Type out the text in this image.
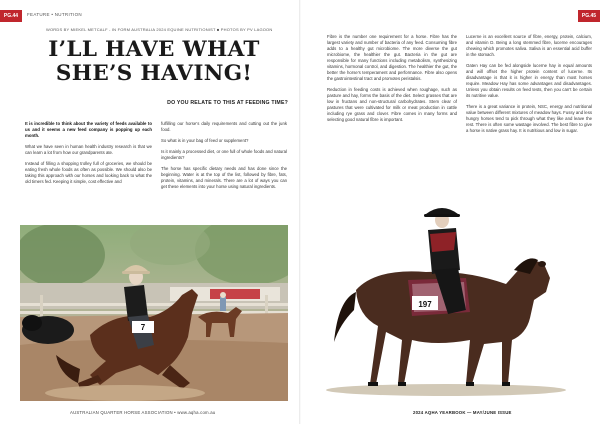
PG.44	FEATURE • NUTRITION	PG.45
WORDS BY MIEKEL METCALF - IN FORM AUSTRALIA 2024 EQUINE NUTRITIONIST ■ PHOTOS BY PV LAGOON
I’LL HAVE WHAT SHE’S HAVING!
DO YOU RELATE TO THIS AT FEEDING TIME?

It is incredible to think about the variety of feeds available to us and it seems a new feed company is popping up each month.

What we have seen in human health industry research is that we can learn a lot from how our grandparents ate.

Instead of filling a shopping trolley full of groceries, we should be eating fresh whole foods as often as possible. We should also be taking this approach with our horses and looking back to what the old timers fed. Keeping it simple, cost effective and

fulfilling our horse’s daily requirements and cutting out the junk food.

So what is in your bag of feed or supplement?

Is it mainly a processed diet, or one full of whole foods and natural ingredients?

The horse has specific dietary needs and has done since the beginning. Water is at the top of the list, followed by fibre, fats, protein, vitamins, and minerals. There are a lot of ways you can get these elements into your horse using natural ingredients.

Fibre is the number one requirement for a horse. Fibre has the largest variety and number of bacteria of any feed. Consuming fibre adds to a healthy gut microbiome. The more diverse the gut microbiome, the healthier the gut. Bacteria in the gut are responsible for many functions including metabolism, synthesizing vitamins, hormonal control, and digestion. The healthier the gut, the better the horse’s temperament and performance. Fibre also opens the gastrointestinal tract and promotes peristalsis.

Reduction in feeding costs is achieved when roughage, such as pasture and hay, forms the basis of the diet. Select grasses that are low in fructans and non-structural carbohydrates. Stem clear of pastures that were cultivated for milk or meat production in cattle including rye grass and clover. Fibre comes in many forms and selecting good natural fibre is important.

Lucerne is an excellent source of fibre, energy, protein, calcium, and vitamin D. Being a long stemmed fibre, lucerne encourages chewing which promotes saliva. Saliva is an essential acid buffer in the stomach.

Oaten Hay can be fed alongside lucerne hay in equal amounts and will offset the higher protein content of lucerne. Its disadvantage is that it is higher in energy than most horses require. Meadow Hay has some advantages and disadvantages. Unless you obtain results on feed tests, then you can’t be certain its nutritive value.

There is a great variance in protein, NSC, energy and nutritional value between different mixtures of meadow hays. Fussy and less hungry horses tend to pick through what they like and leave the rest. There is often some wastage involved. The best fibre to give a horse is native grass hay. It is nutritious and low in sugar.

7
197
AUSTRALIAN QUARTER HORSE ASSOCIATION • www.aqha.com.au	2024 AQHA YEARBOOK — MAY/JUNE ISSUE
